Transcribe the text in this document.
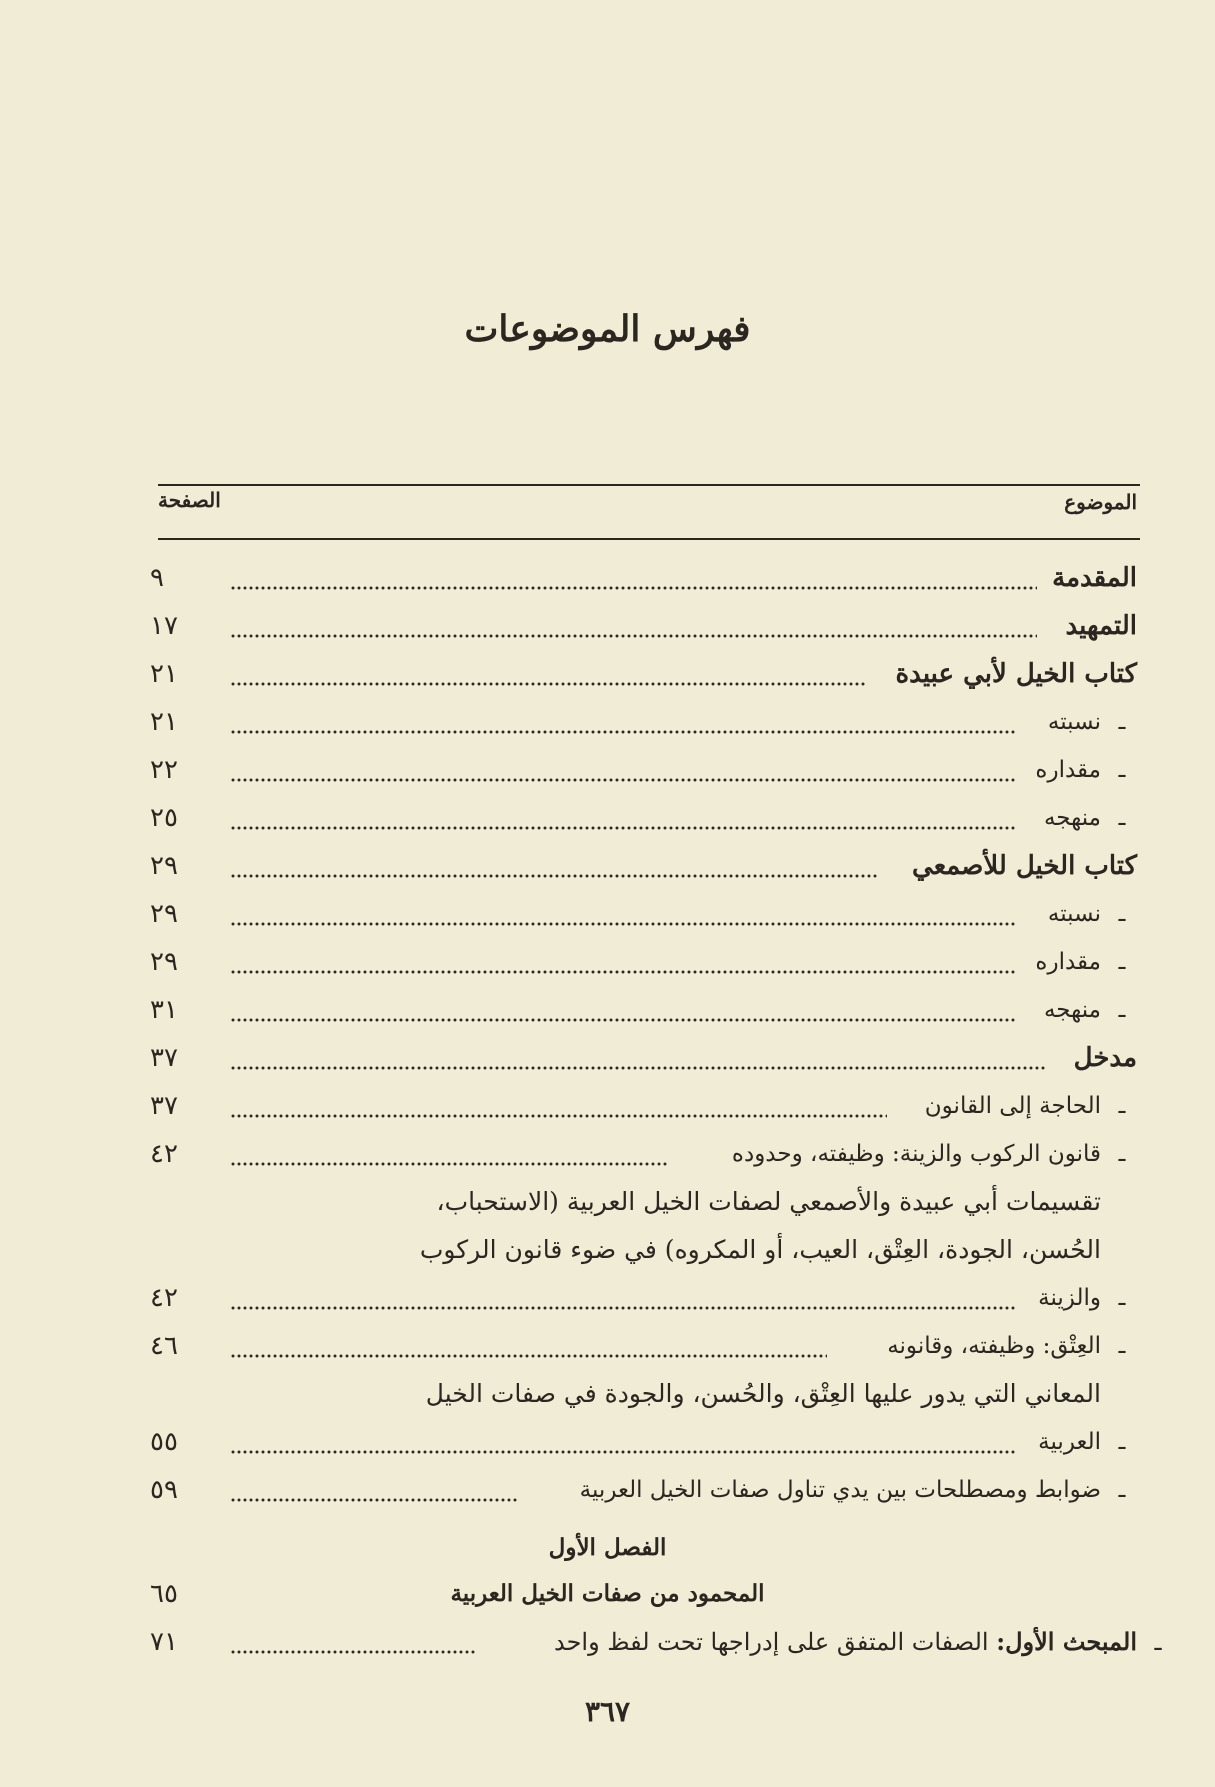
فهرس الموضوعات
الموضوع
الصفحة
المقدمة
٩
التمهيد
١٧
كتاب الخيل لأبي عبيدة
٢١
نسبته ـ
٢١
مقداره ـ
٢٢
منهجه ـ
٢٥
كتاب الخيل للأصمعي
٢٩
نسبته ـ
٢٩
مقداره ـ
٢٩
منهجه ـ
٣١
مدخل
٣٧
الحاجة إلى القانون ـ
٣٧
قانون الركوب والزينة: وظيفته، وحدوده ـ
٤٢
تقسيمات أبي عبيدة والأصمعي لصفات الخيل العربية (الاستحباب،
الحُسن، الجودة، العِتْق، العيب، أو المكروه) في ضوء قانون الركوب
والزينة ـ
٤٢
العِتْق: وظيفته، وقانونه ـ
٤٦
المعاني التي يدور عليها العِتْق، والحُسن، والجودة في صفات الخيل
العربية ـ
٥٥
ضوابط ومصطلحات بين يدي تناول صفات الخيل العربية ـ
٥٩
الفصل الأول
المحمود من صفات الخيل العربية
٦٥
المبحث الأول: الصفات المتفق على إدراجها تحت لفظ واحد ـ
٧١
٣٦٧
